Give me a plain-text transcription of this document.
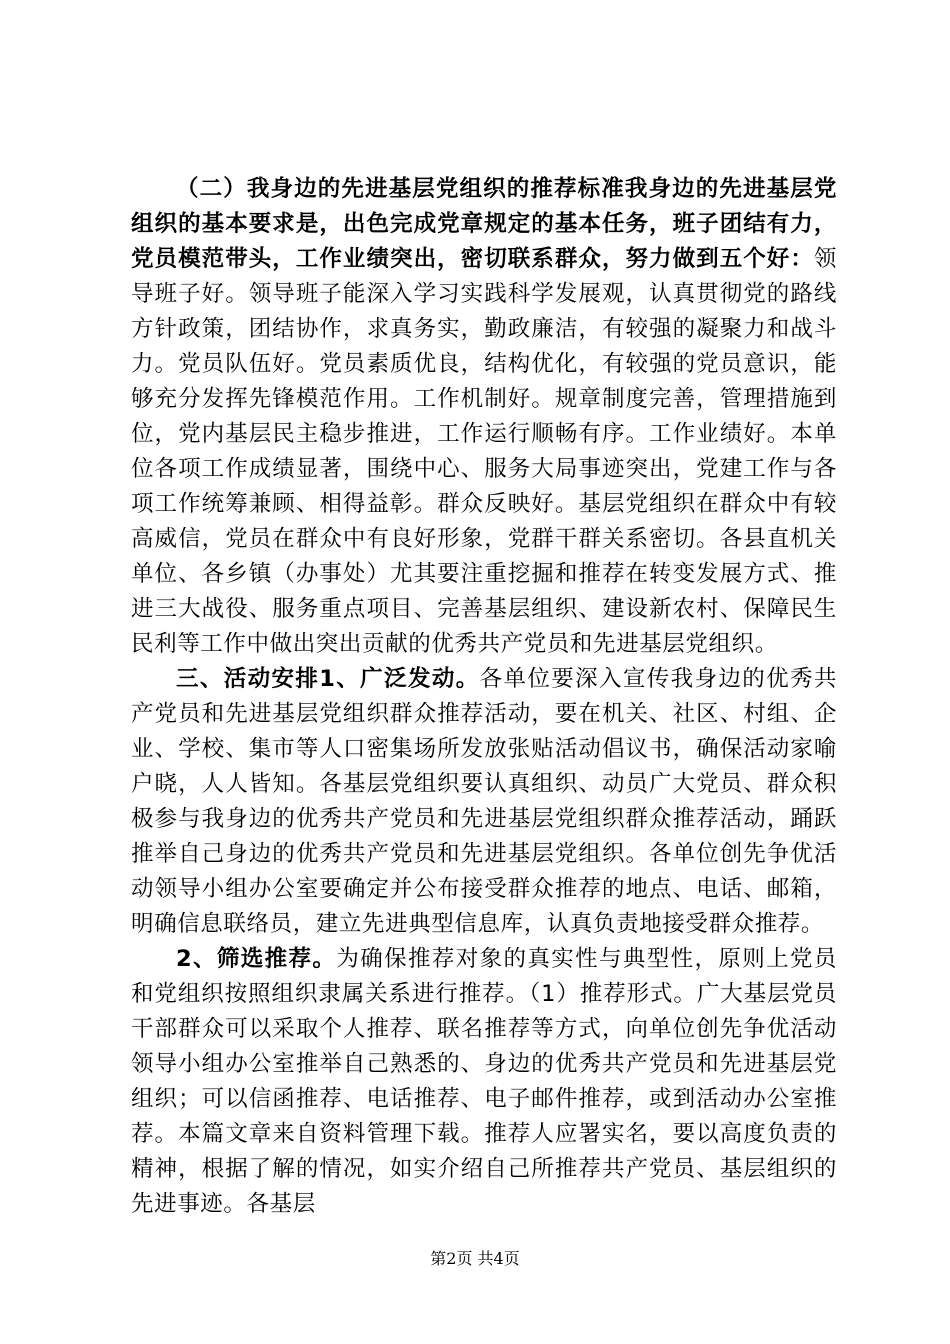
（二）我身边的先进基层党组织的推荐标准我身边的先进基层党组织的基本要求是，出色完成党章规定的基本任务，班子团结有力，党员模范带头，工作业绩突出，密切联系群众，努力做到五个好：领导班子好。领导班子能深入学习实践科学发展观，认真贯彻党的路线方针政策，团结协作，求真务实，勤政廉洁，有较强的凝聚力和战斗力。党员队伍好。党员素质优良，结构优化，有较强的党员意识，能够充分发挥先锋模范作用。工作机制好。规章制度完善，管理措施到位，党内基层民主稳步推进，工作运行顺畅有序。工作业绩好。本单位各项工作成绩显著，围绕中心、服务大局事迹突出，党建工作与各项工作统筹兼顾、相得益彰。群众反映好。基层党组织在群众中有较高威信，党员在群众中有良好形象，党群干群关系密切。各县直机关单位、各乡镇（办事处）尤其要注重挖掘和推荐在转变发展方式、推进三大战役、服务重点项目、完善基层组织、建设新农村、保障民生民利等工作中做出突出贡献的优秀共产党员和先进基层党组织。

三、活动安排1、广泛发动。各单位要深入宣传我身边的优秀共产党员和先进基层党组织群众推荐活动，要在机关、社区、村组、企业、学校、集市等人口密集场所发放张贴活动倡议书，确保活动家喻户晓，人人皆知。各基层党组织要认真组织、动员广大党员、群众积极参与我身边的优秀共产党员和先进基层党组织群众推荐活动，踊跃推举自己身边的优秀共产党员和先进基层党组织。各单位创先争优活动领导小组办公室要确定并公布接受群众推荐的地点、电话、邮箱，明确信息联络员，建立先进典型信息库，认真负责地接受群众推荐。

2、筛选推荐。为确保推荐对象的真实性与典型性，原则上党员和党组织按照组织隶属关系进行推荐。（1）推荐形式。广大基层党员干部群众可以采取个人推荐、联名推荐等方式，向单位创先争优活动领导小组办公室推举自己熟悉的、身边的优秀共产党员和先进基层党组织；可以信函推荐、电话推荐、电子邮件推荐，或到活动办公室推荐。本篇文章来自资料管理下载。推荐人应署实名，要以高度负责的精神，根据了解的情况，如实介绍自己所推荐共产党员、基层组织的先进事迹。各基层

第2页 共4页
